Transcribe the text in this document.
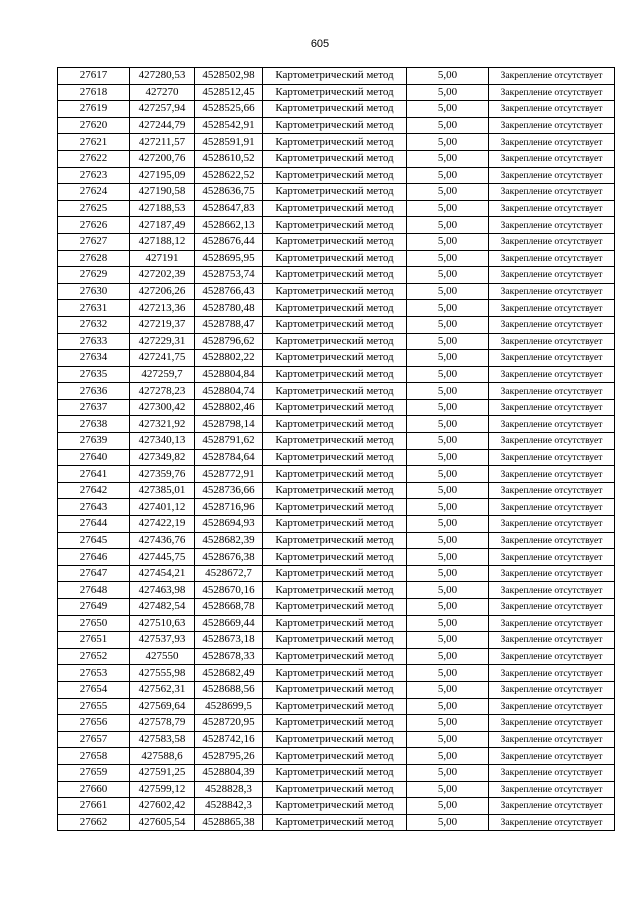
605
27617	427280,53	4528502,98	Картометрический метод	5,00	Закрепление отсутствует
27618	427270	4528512,45	Картометрический метод	5,00	Закрепление отсутствует
27619	427257,94	4528525,66	Картометрический метод	5,00	Закрепление отсутствует
27620	427244,79	4528542,91	Картометрический метод	5,00	Закрепление отсутствует
27621	427211,57	4528591,91	Картометрический метод	5,00	Закрепление отсутствует
27622	427200,76	4528610,52	Картометрический метод	5,00	Закрепление отсутствует
27623	427195,09	4528622,52	Картометрический метод	5,00	Закрепление отсутствует
27624	427190,58	4528636,75	Картометрический метод	5,00	Закрепление отсутствует
27625	427188,53	4528647,83	Картометрический метод	5,00	Закрепление отсутствует
27626	427187,49	4528662,13	Картометрический метод	5,00	Закрепление отсутствует
27627	427188,12	4528676,44	Картометрический метод	5,00	Закрепление отсутствует
27628	427191	4528695,95	Картометрический метод	5,00	Закрепление отсутствует
27629	427202,39	4528753,74	Картометрический метод	5,00	Закрепление отсутствует
27630	427206,26	4528766,43	Картометрический метод	5,00	Закрепление отсутствует
27631	427213,36	4528780,48	Картометрический метод	5,00	Закрепление отсутствует
27632	427219,37	4528788,47	Картометрический метод	5,00	Закрепление отсутствует
27633	427229,31	4528796,62	Картометрический метод	5,00	Закрепление отсутствует
27634	427241,75	4528802,22	Картометрический метод	5,00	Закрепление отсутствует
27635	427259,7	4528804,84	Картометрический метод	5,00	Закрепление отсутствует
27636	427278,23	4528804,74	Картометрический метод	5,00	Закрепление отсутствует
27637	427300,42	4528802,46	Картометрический метод	5,00	Закрепление отсутствует
27638	427321,92	4528798,14	Картометрический метод	5,00	Закрепление отсутствует
27639	427340,13	4528791,62	Картометрический метод	5,00	Закрепление отсутствует
27640	427349,82	4528784,64	Картометрический метод	5,00	Закрепление отсутствует
27641	427359,76	4528772,91	Картометрический метод	5,00	Закрепление отсутствует
27642	427385,01	4528736,66	Картометрический метод	5,00	Закрепление отсутствует
27643	427401,12	4528716,96	Картометрический метод	5,00	Закрепление отсутствует
27644	427422,19	4528694,93	Картометрический метод	5,00	Закрепление отсутствует
27645	427436,76	4528682,39	Картометрический метод	5,00	Закрепление отсутствует
27646	427445,75	4528676,38	Картометрический метод	5,00	Закрепление отсутствует
27647	427454,21	4528672,7	Картометрический метод	5,00	Закрепление отсутствует
27648	427463,98	4528670,16	Картометрический метод	5,00	Закрепление отсутствует
27649	427482,54	4528668,78	Картометрический метод	5,00	Закрепление отсутствует
27650	427510,63	4528669,44	Картометрический метод	5,00	Закрепление отсутствует
27651	427537,93	4528673,18	Картометрический метод	5,00	Закрепление отсутствует
27652	427550	4528678,33	Картометрический метод	5,00	Закрепление отсутствует
27653	427555,98	4528682,49	Картометрический метод	5,00	Закрепление отсутствует
27654	427562,31	4528688,56	Картометрический метод	5,00	Закрепление отсутствует
27655	427569,64	4528699,5	Картометрический метод	5,00	Закрепление отсутствует
27656	427578,79	4528720,95	Картометрический метод	5,00	Закрепление отсутствует
27657	427583,58	4528742,16	Картометрический метод	5,00	Закрепление отсутствует
27658	427588,6	4528795,26	Картометрический метод	5,00	Закрепление отсутствует
27659	427591,25	4528804,39	Картометрический метод	5,00	Закрепление отсутствует
27660	427599,12	4528828,3	Картометрический метод	5,00	Закрепление отсутствует
27661	427602,42	4528842,3	Картометрический метод	5,00	Закрепление отсутствует
27662	427605,54	4528865,38	Картометрический метод	5,00	Закрепление отсутствует
